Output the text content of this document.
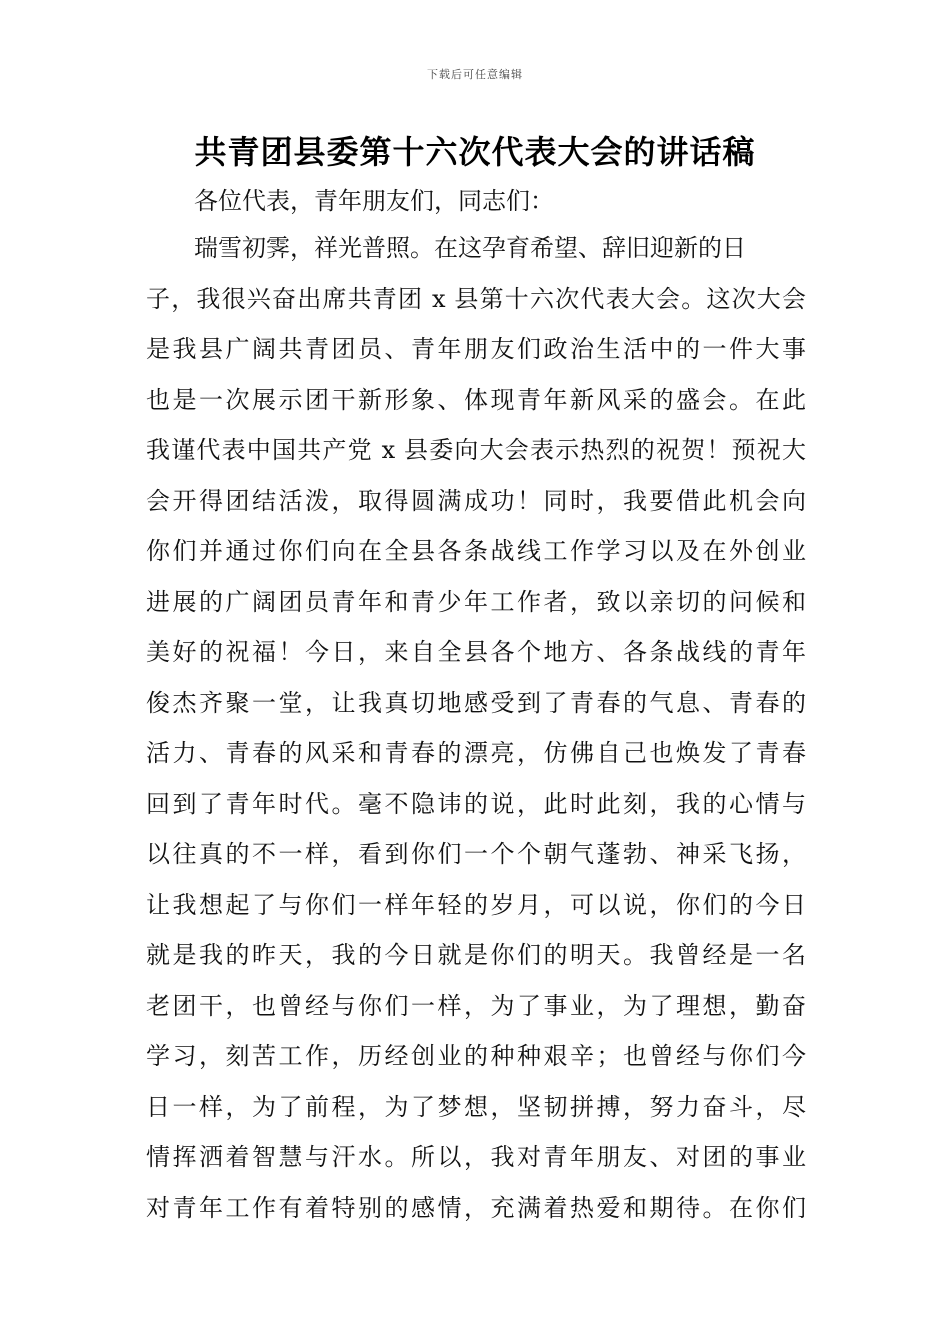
下载后可任意编辑
共青团县委第十六次代表大会的讲话稿
各位代表，青年朋友们，同志们：
瑞雪初霁，祥光普照。在这孕育希望、辞旧迎新的日
子，我很兴奋出席共青团 x 县第十六次代表大会。这次大会
是我县广阔共青团员、青年朋友们政治生活中的一件大事
也是一次展示团干新形象、体现青年新风采的盛会。在此
我谨代表中国共产党 x 县委向大会表示热烈的祝贺！预祝大
会开得团结活泼，取得圆满成功！同时，我要借此机会向
你们并通过你们向在全县各条战线工作学习以及在外创业
进展的广阔团员青年和青少年工作者，致以亲切的问候和
美好的祝福！今日，来自全县各个地方、各条战线的青年
俊杰齐聚一堂，让我真切地感受到了青春的气息、青春的
活力、青春的风采和青春的漂亮，仿佛自己也焕发了青春
回到了青年时代。毫不隐讳的说，此时此刻，我的心情与
以往真的不一样，看到你们一个个朝气蓬勃、神采飞扬，
让我想起了与你们一样年轻的岁月，可以说，你们的今日
就是我的昨天，我的今日就是你们的明天。我曾经是一名
老团干，也曾经与你们一样，为了事业，为了理想，勤奋
学习，刻苦工作，历经创业的种种艰辛；也曾经与你们今
日一样，为了前程，为了梦想，坚韧拼搏，努力奋斗，尽
情挥洒着智慧与汗水。所以，我对青年朋友、对团的事业
对青年工作有着特别的感情，充满着热爱和期待。在你们
